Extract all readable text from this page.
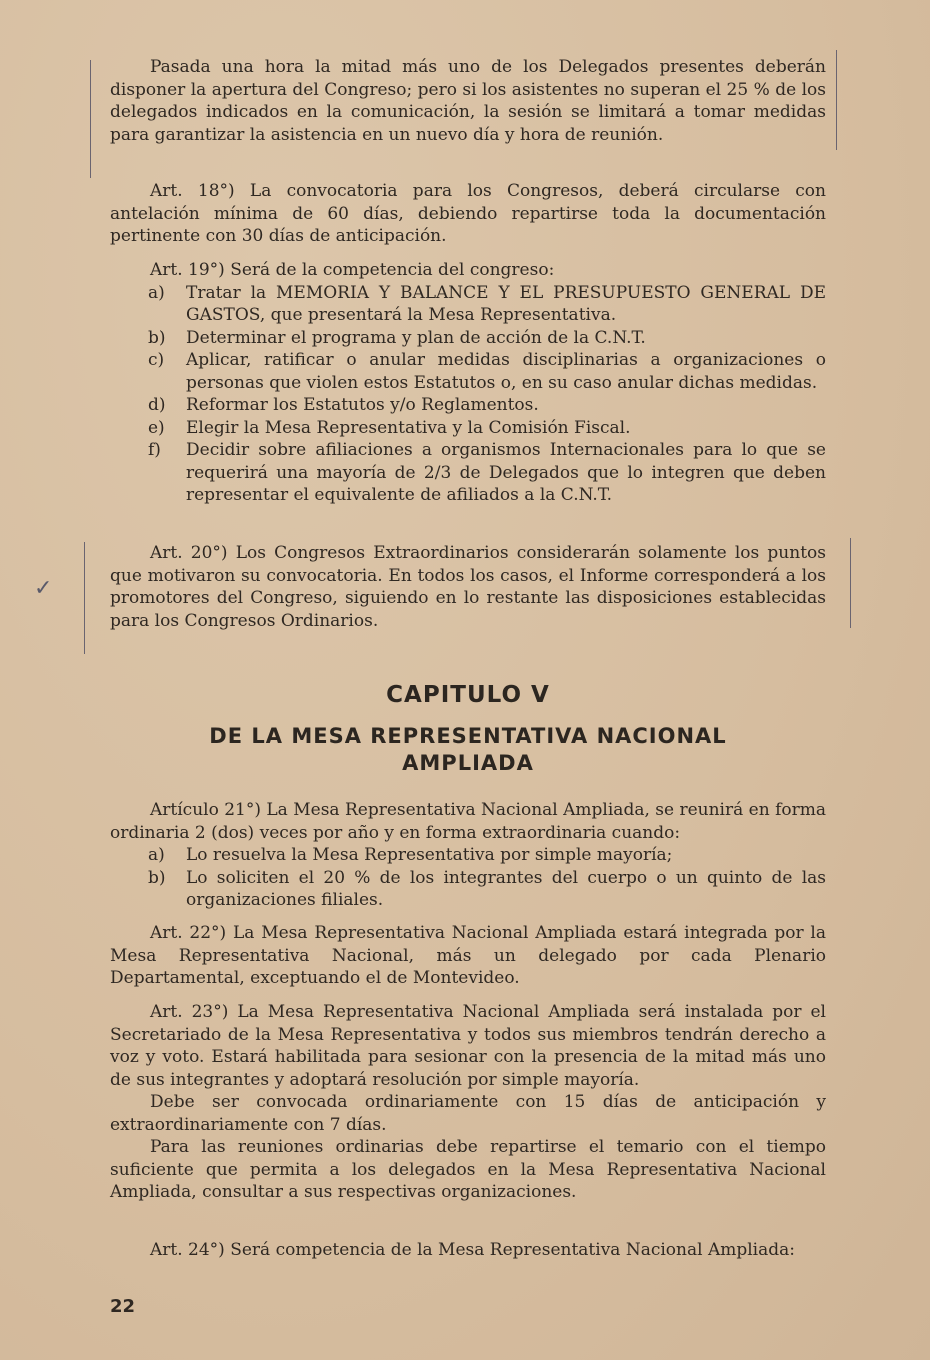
✓

Pasada una hora la mitad más uno de los Delegados presentes deberán disponer la apertura del Congreso; pero si los asistentes no superan el 25 % de los delegados indicados en la comunicación, la sesión se limitará a tomar medidas para garantizar la asistencia en un nuevo día y hora de reunión.

Art. 18°) La convocatoria para los Congresos, deberá circularse con antelación mínima de 60 días, debiendo repartirse toda la documentación pertinente con 30 días de anticipación.

Art. 19°) Será de la competencia del congreso:

a)	Tratar la MEMORIA Y BALANCE Y EL PRESUPUESTO GENERAL DE GASTOS, que presentará la Mesa Representativa.
b)	Determinar el programa y plan de acción de la C.N.T.
c)	Aplicar, ratificar o anular medidas disciplinarias a organizaciones o personas que violen estos Estatutos o, en su caso anular dichas medidas.
d)	Reformar los Estatutos y/o Reglamentos.
e)	Elegir la Mesa Representativa y la Comisión Fiscal.
f)	Decidir sobre afiliaciones a organismos Internacionales para lo que se requerirá una mayoría de 2/3 de Delegados que lo integren que deben representar el equivalente de afiliados a la C.N.T.

Art. 20°) Los Congresos Extraordinarios considerarán solamente los puntos que motivaron su convocatoria. En todos los casos, el Informe corresponderá a los promotores del Congreso, siguiendo en lo restante las disposiciones establecidas para los Congresos Ordinarios.

CAPITULO V
DE LA MESA REPRESENTATIVA NACIONAL
AMPLIADA

Artículo 21°) La Mesa Representativa Nacional Ampliada, se reunirá en forma ordinaria 2 (dos) veces por año y en forma extraordinaria cuando:

a)	Lo resuelva la Mesa Representativa por simple mayoría;
b)	Lo soliciten el 20 % de los integrantes del cuerpo o un quinto de las organizaciones filiales.

Art. 22°) La Mesa Representativa Nacional Ampliada estará integrada por la Mesa Representativa Nacional, más un delegado por cada Plenario Departamental, exceptuando el de Montevideo.

Art. 23°) La Mesa Representativa Nacional Ampliada será instalada por el Secretariado de la Mesa Representativa y todos sus miembros tendrán derecho a voz y voto. Estará habilitada para sesionar con la presencia de la mitad más uno de sus integrantes y adoptará resolución por simple mayoría.

Debe ser convocada ordinariamente con 15 días de anticipación y extraordinariamente con 7 días.

Para las reuniones ordinarias debe repartirse el temario con el tiempo suficiente que permita a los delegados en la Mesa Representativa Nacional Ampliada, consultar a sus respectivas organizaciones.

Art. 24°) Será competencia de la Mesa Representativa Nacional Ampliada:

22
